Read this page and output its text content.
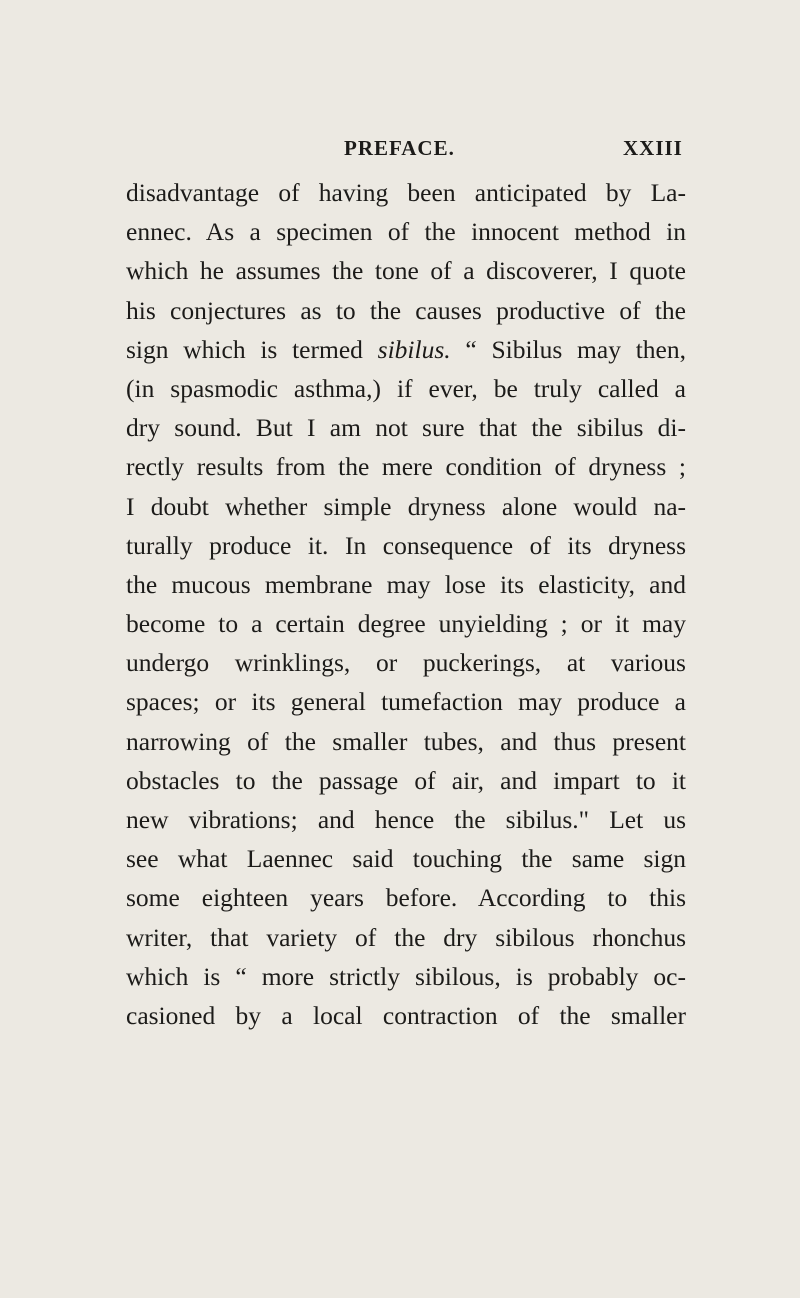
PREFACE.	XXIII
disadvantage of having been anticipated by La-
ennec. As a specimen of the innocent method in
which he assumes the tone of a discoverer, I quote
his conjectures as to the causes productive of the
sign which is termed sibilus. “ Sibilus may then,
(in spasmodic asthma,) if ever, be truly called a
dry sound. But I am not sure that the sibilus di-
rectly results from the mere condition of dryness ;
I doubt whether simple dryness alone would na-
turally produce it. In consequence of its dryness
the mucous membrane may lose its elasticity, and
become to a certain degree unyielding ; or it may
undergo wrinklings, or puckerings, at various
spaces; or its general tumefaction may produce a
narrowing of the smaller tubes, and thus present
obstacles to the passage of air, and impart to it
new vibrations; and hence the sibilus." Let us
see what Laennec said touching the same sign
some eighteen years before. According to this
writer, that variety of the dry sibilous rhonchus
which is “ more strictly sibilous, is probably oc-
casioned by a local contraction of the smaller
